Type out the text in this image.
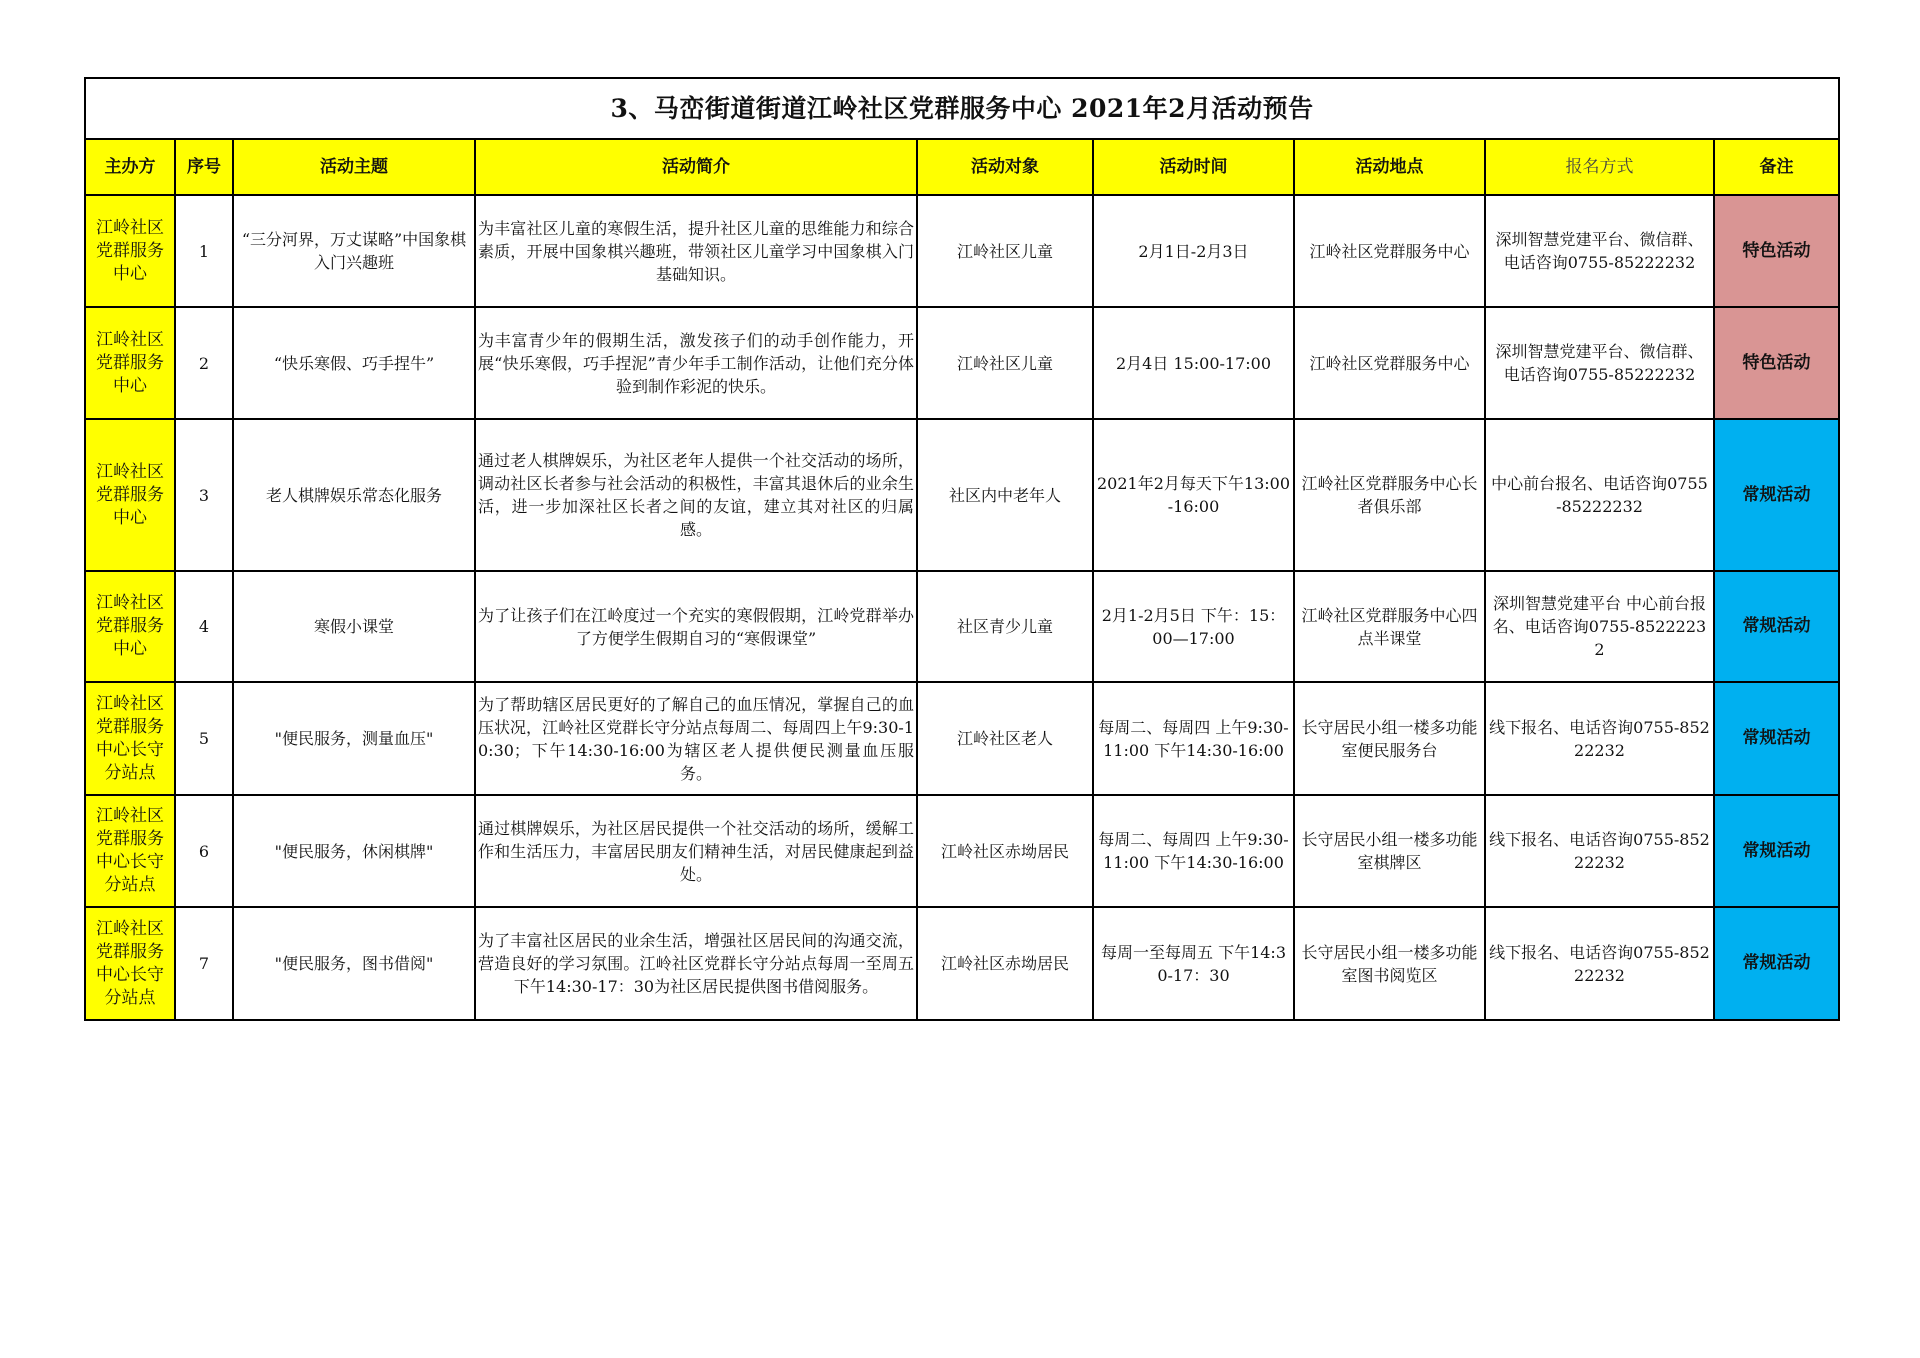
3、马峦街道街道江岭社区党群服务中心 2021年2月活动预告								
主办方	序号	活动主题	活动简介	活动对象	活动时间	活动地点	报名方式	备注
江岭社区党群服务中心	1	“三分河界，万丈谋略”中国象棋入门兴趣班	为丰富社区儿童的寒假生活，提升社区儿童的思维能力和综合素质，开展中国象棋兴趣班，带领社区儿童学习中国象棋入门基础知识。	江岭社区儿童	2月1日-2月3日	江岭社区党群服务中心	深圳智慧党建平台、微信群、电话咨询0755-85222232	特色活动
江岭社区党群服务中心	2	“快乐寒假、巧手捏牛”	为丰富青少年的假期生活，激发孩子们的动手创作能力，开展“快乐寒假，巧手捏泥”青少年手工制作活动，让他们充分体验到制作彩泥的快乐。	江岭社区儿童	2月4日 15:00-17:00	江岭社区党群服务中心	深圳智慧党建平台、微信群、电话咨询0755-85222232	特色活动
江岭社区党群服务中心	3	老人棋牌娱乐常态化服务	通过老人棋牌娱乐，为社区老年人提供一个社交活动的场所，调动社区长者参与社会活动的积极性，丰富其退休后的业余生活，进一步加深社区长者之间的友谊，建立其对社区的归属感。	社区内中老年人	2021年2月每天下午13:00-16:00	江岭社区党群服务中心长者俱乐部	中心前台报名、电话咨询0755-85222232	常规活动
江岭社区党群服务中心	4	寒假小课堂	为了让孩子们在江岭度过一个充实的寒假假期，江岭党群举办了方便学生假期自习的“寒假课堂”	社区青少儿童	2月1-2月5日 下午：15：00—17:00	江岭社区党群服务中心四点半课堂	深圳智慧党建平台 中心前台报名、电话咨询0755-85222232	常规活动
江岭社区党群服务中心长守分站点	5	"便民服务，测量血压"	为了帮助辖区居民更好的了解自己的血压情况，掌握自己的血压状况，江岭社区党群长守分站点每周二、每周四上午9:30-10:30；下午14:30-16:00为辖区老人提供便民测量血压服务。	江岭社区老人	每周二、每周四 上午9:30-11:00 下午14:30-16:00	长守居民小组一楼多功能室便民服务台	线下报名、电话咨询0755-85222232	常规活动
江岭社区党群服务中心长守分站点	6	"便民服务，休闲棋牌"	通过棋牌娱乐，为社区居民提供一个社交活动的场所，缓解工作和生活压力，丰富居民朋友们精神生活，对居民健康起到益处。	江岭社区赤坳居民	每周二、每周四 上午9:30-11:00 下午14:30-16:00	长守居民小组一楼多功能室棋牌区	线下报名、电话咨询0755-85222232	常规活动
江岭社区党群服务中心长守分站点	7	"便民服务，图书借阅"	为了丰富社区居民的业余生活，增强社区居民间的沟通交流，营造良好的学习氛围。江岭社区党群长守分站点每周一至周五下午14:30-17：30为社区居民提供图书借阅服务。	江岭社区赤坳居民	每周一至每周五 下午14:30-17：30	长守居民小组一楼多功能室图书阅览区	线下报名、电话咨询0755-85222232	常规活动
